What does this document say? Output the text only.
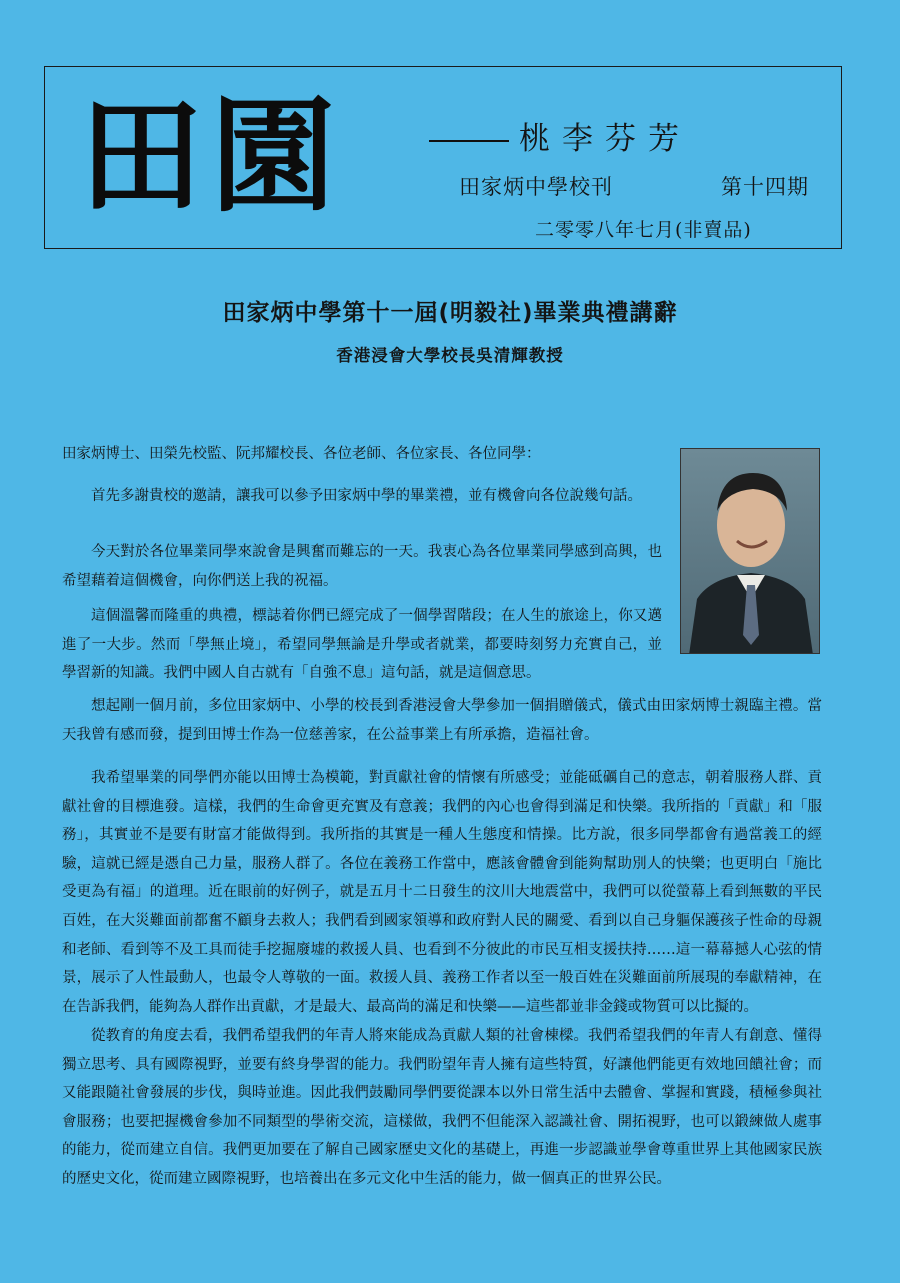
田園	桃李芬芳
田家炳中學校刊	第十四期
二零零八年七月(非賣品)
田家炳中學第十一屆(明毅社)畢業典禮講辭
香港浸會大學校長吳清輝教授
田家炳博士、田榮先校監、阮邦耀校長、各位老師、各位家長、各位同學：

首先多謝貴校的邀請，讓我可以參予田家炳中學的畢業禮，並有機會向各位說幾句話。

今天對於各位畢業同學來說會是興奮而難忘的一天。我衷心為各位畢業同學感到高興，也希望藉着這個機會，向你們送上我的祝福。

這個溫馨而隆重的典禮，標誌着你們已經完成了一個學習階段；在人生的旅途上，你又邁進了一大步。然而「學無止境」，希望同學無論是升學或者就業，都要時刻努力充實自己，並學習新的知識。我們中國人自古就有「自強不息」這句話，就是這個意思。

想起剛一個月前，多位田家炳中、小學的校長到香港浸會大學參加一個捐贈儀式，儀式由田家炳博士親臨主禮。當天我曾有感而發，提到田博士作為一位慈善家，在公益事業上有所承擔，造福社會。

我希望畢業的同學們亦能以田博士為模範，對貢獻社會的情懷有所感受；並能砥礪自己的意志，朝着服務人群、貢獻社會的目標進發。這樣，我們的生命會更充實及有意義；我們的內心也會得到滿足和快樂。我所指的「貢獻」和「服務」，其實並不是要有財富才能做得到。我所指的其實是一種人生態度和情操。比方說，很多同學都會有過當義工的經驗，這就已經是憑自己力量，服務人群了。各位在義務工作當中，應該會體會到能夠幫助別人的快樂；也更明白「施比受更為有福」的道理。近在眼前的好例子，就是五月十二日發生的汶川大地震當中，我們可以從螢幕上看到無數的平民百姓，在大災難面前都奮不顧身去救人；我們看到國家領導和政府對人民的關愛、看到以自己身軀保護孩子性命的母親和老師、看到等不及工具而徒手挖掘廢墟的救援人員、也看到不分彼此的市民互相支援扶持……這一幕幕撼人心弦的情景，展示了人性最動人，也最令人尊敬的一面。救援人員、義務工作者以至一般百姓在災難面前所展現的奉獻精神，在在告訴我們，能夠為人群作出貢獻，才是最大、最高尚的滿足和快樂——這些都並非金錢或物質可以比擬的。

從教育的角度去看，我們希望我們的年青人將來能成為貢獻人類的社會棟樑。我們希望我們的年青人有創意、懂得獨立思考、具有國際視野，並要有終身學習的能力。我們盼望年青人擁有這些特質，好讓他們能更有效地回饋社會；而又能跟隨社會發展的步伐，與時並進。因此我們鼓勵同學們要從課本以外日常生活中去體會、掌握和實踐，積極參與社會服務；也要把握機會參加不同類型的學術交流，這樣做，我們不但能深入認識社會、開拓視野，也可以鍛練做人處事的能力，從而建立自信。我們更加要在了解自己國家歷史文化的基礎上，再進一步認識並學會尊重世界上其他國家民族的歷史文化，從而建立國際視野，也培養出在多元文化中生活的能力，做一個真正的世界公民。
